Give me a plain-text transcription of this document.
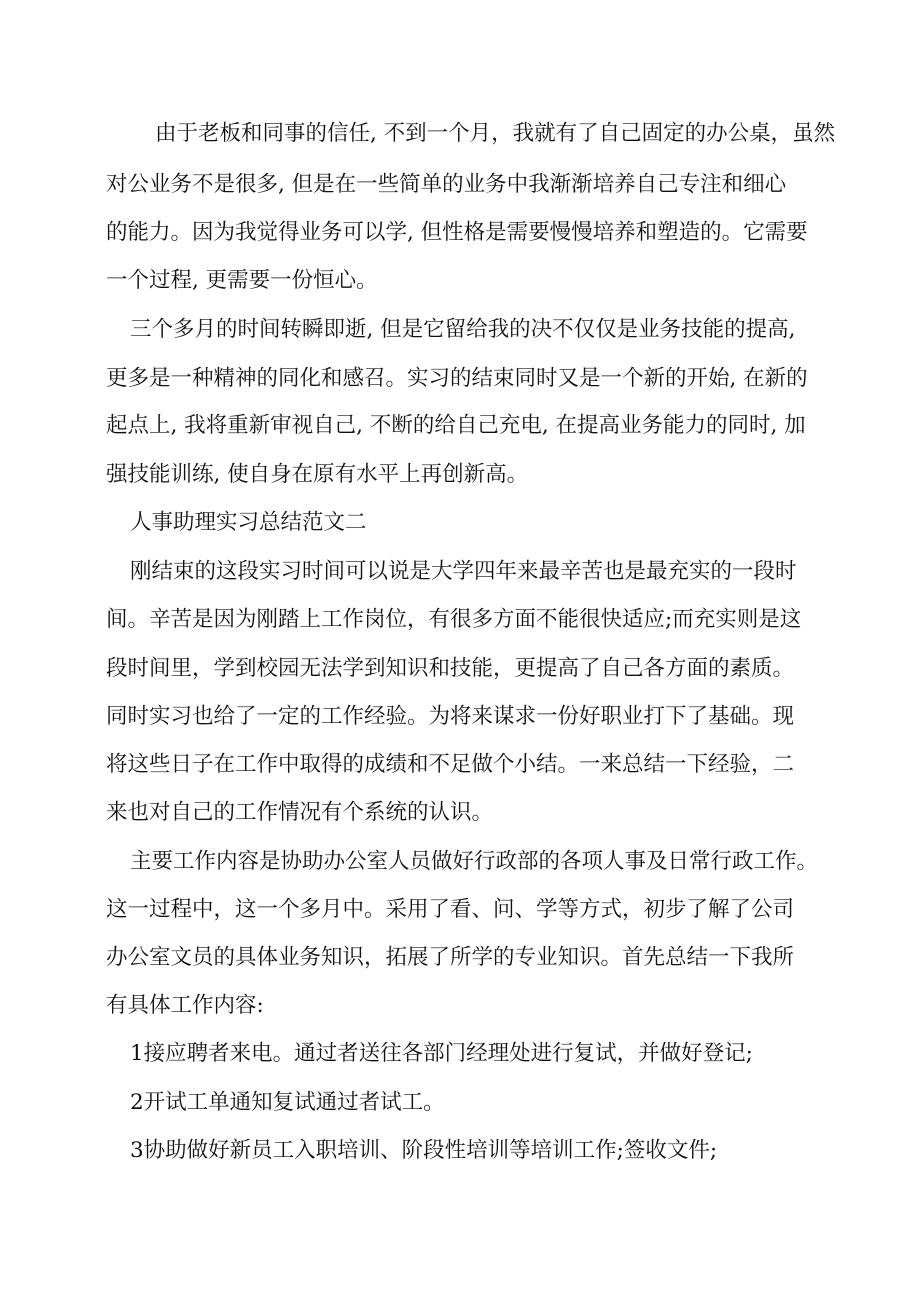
由于老板和同事的信任, 不到一个月，我就有了自己固定的办公桌，虽然
对公业务不是很多, 但是在一些简单的业务中我渐渐培养自己专注和细心
的能力。因为我觉得业务可以学, 但性格是需要慢慢培养和塑造的。它需要
一个过程, 更需要一份恒心。
三个多月的时间转瞬即逝, 但是它留给我的决不仅仅是业务技能的提高,
更多是一种精神的同化和感召。实习的结束同时又是一个新的开始, 在新的
起点上, 我将重新审视自己, 不断的给自己充电, 在提高业务能力的同时, 加
强技能训练, 使自身在原有水平上再创新高。
人事助理实习总结范文二
刚结束的这段实习时间可以说是大学四年来最辛苦也是最充实的一段时
间。辛苦是因为刚踏上工作岗位，有很多方面不能很快适应;而充实则是这
段时间里，学到校园无法学到知识和技能，更提高了自己各方面的素质。
同时实习也给了一定的工作经验。为将来谋求一份好职业打下了基础。现
将这些日子在工作中取得的成绩和不足做个小结。一来总结一下经验，二
来也对自己的工作情况有个系统的认识。
主要工作内容是协助办公室人员做好行政部的各项人事及日常行政工作。
这一过程中，这一个多月中。采用了看、问、学等方式，初步了解了公司
办公室文员的具体业务知识，拓展了所学的专业知识。首先总结一下我所
有具体工作内容:
1接应聘者来电。通过者送往各部门经理处进行复试，并做好登记;
2开试工单通知复试通过者试工。
3协助做好新员工入职培训、阶段性培训等培训工作;签收文件;
